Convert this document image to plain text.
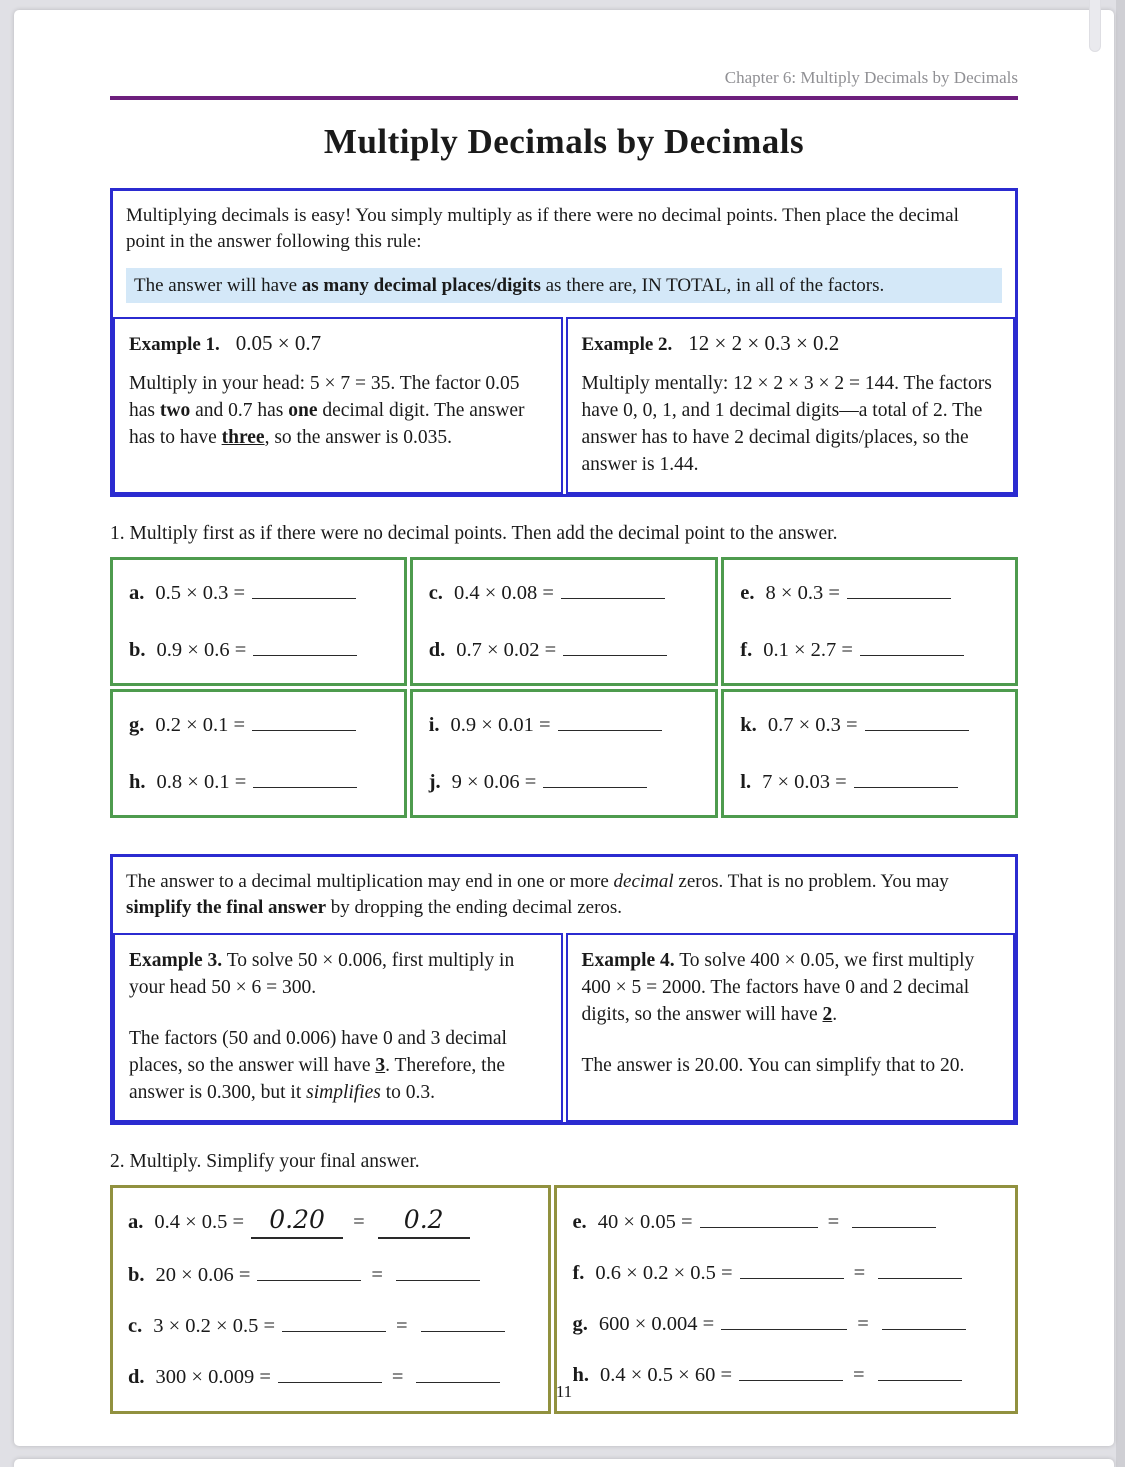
Chapter 6: Multiply Decimals by Decimals
Multiply Decimals by Decimals

Multiplying decimals is easy! You simply multiply as if there were no decimal points. Then place the decimal point in the answer following this rule:

The answer will have as many decimal places/digits as there are, IN TOTAL, in all of the factors.
Example 1. 0.05 × 0.7

Multiply in your head: 5 × 7 = 35. The factor 0.05 has two and 0.7 has one decimal digit. The answer has to have three, so the answer is 0.035.

Example 2. 12 × 2 × 0.3 × 0.2

Multiply mentally: 12 × 2 × 3 × 2 = 144. The factors have 0, 0, 1, and 1 decimal digits—a total of 2. The answer has to have 2 decimal digits/places, so the answer is 1.44.

1. Multiply first as if there were no decimal points. Then add the decimal point to the answer.

a. 0.5 × 0.3 =
b. 0.9 × 0.6 =
c. 0.4 × 0.08 =
d. 0.7 × 0.02 =
e. 8 × 0.3 =
f. 0.1 × 2.7 =
g. 0.2 × 0.1 =
h. 0.8 × 0.1 =
i. 0.9 × 0.01 =
j. 9 × 0.06 =
k. 0.7 × 0.3 =
l. 7 × 0.03 =

The answer to a decimal multiplication may end in one or more decimal zeros. That is no problem. You may simplify the final answer by dropping the ending decimal zeros.

Example 3. To solve 50 × 0.006, first multiply in your head 50 × 6 = 300.

The factors (50 and 0.006) have 0 and 3 decimal places, so the answer will have 3. Therefore, the answer is 0.300, but it simplifies to 0.3.

Example 4. To solve 400 × 0.05, we first multiply 400 × 5 = 2000. The factors have 0 and 2 decimal digits, so the answer will have 2.

The answer is 20.00. You can simplify that to 20.

2. Multiply. Simplify your final answer.

a. 0.4 × 0.5 = 0.20 = 0.2
b. 20 × 0.06 =	=
c. 3 × 0.2 × 0.5 =	=
d. 300 × 0.009 =	=
e. 40 × 0.05 =	=
f. 0.6 × 0.2 × 0.5 =	=
g. 600 × 0.004 =	=
h. 0.4 × 0.5 × 60 =	=
11
